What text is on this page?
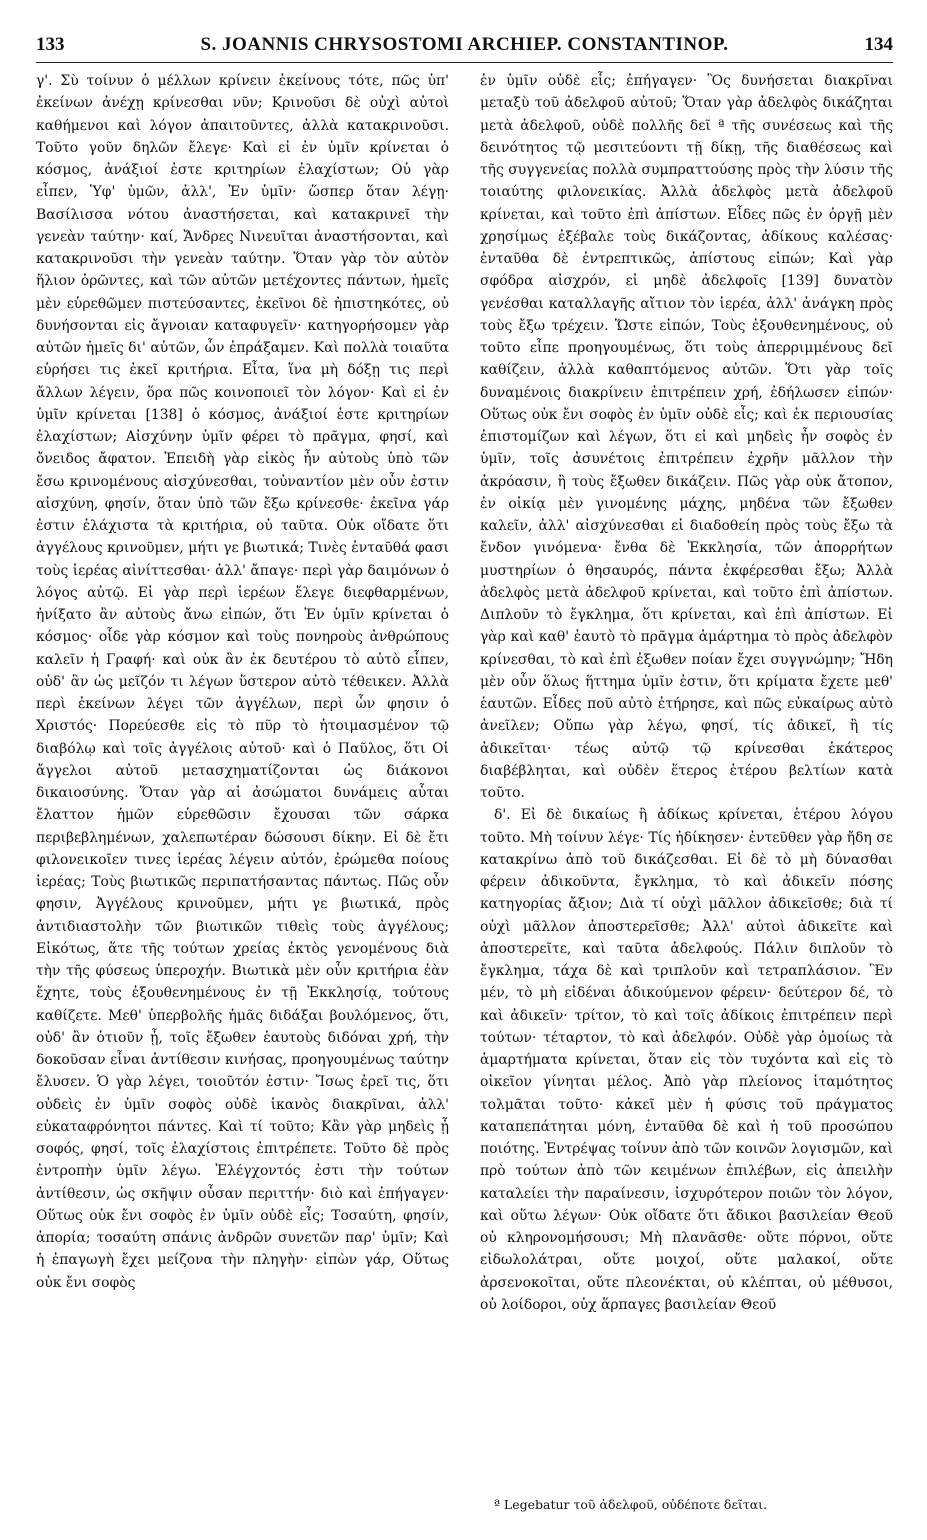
133	S. JOANNIS CHRYSOSTOMI ARCHIEP. CONSTANTINOP.	134

γ'. Σὺ τοίνυν ὁ μέλλων κρίνειν ἐκείνους τότε, πῶς ὑπ' ἐκείνων ἀνέχῃ κρίνεσθαι νῦν; Κρινοῦσι δὲ οὐχὶ αὐτοὶ καθήμενοι καὶ λόγον ἀπαιτοῦντες, ἀλλὰ κατακρινοῦσι. Τοῦτο γοῦν δηλῶν ἔλεγε· Καὶ εἰ ἐν ὑμῖν κρίνεται ὁ κόσμος, ἀνάξιοί ἐστε κριτηρίων ἐλαχίστων; Οὐ γὰρ εἶπεν, Ὑφ' ὑμῶν, ἀλλ', Ἐν ὑμῖν· ὥσπερ ὅταν λέγῃ· Βασίλισσα νότου ἀναστήσεται, καὶ κατακρινεῖ τὴν γενεὰν ταύτην· καί, Ἄνδρες Νινευῖται ἀναστήσονται, καὶ κατακρινοῦσι τὴν γενεὰν ταύτην. Ὅταν γὰρ τὸν αὐτὸν ἥλιον ὁρῶντες, καὶ τῶν αὐτῶν μετέχοντες πάντων, ἡμεῖς μὲν εὑρεθῶμεν πιστεύσαντες, ἐκεῖνοι δὲ ἠπιστηκότες, οὐ δυνήσονται εἰς ἄγνοιαν καταφυγεῖν· κατηγορήσομεν γὰρ αὐτῶν ἡμεῖς δι' αὐτῶν, ὧν ἐπράξαμεν. Καὶ πολλὰ τοιαῦτα εὑρήσει τις ἐκεῖ κριτήρια. Εἶτα, ἵνα μὴ δόξῃ τις περὶ ἄλλων λέγειν, ὅρα πῶς κοινοποιεῖ τὸν λόγον· Καὶ εἰ ἐν ὑμῖν κρίνεται [138] ὁ κόσμος, ἀνάξιοί ἐστε κριτηρίων ἐλαχίστων; Αἰσχύνην ὑμῖν φέρει τὸ πρᾶγμα, φησί, καὶ ὄνειδος ἄφατον. Ἐπειδὴ γὰρ εἰκὸς ἦν αὐτοὺς ὑπὸ τῶν ἔσω κρινομένους αἰσχύνεσθαι, τοὐναντίον μὲν οὖν ἐστιν αἰσχύνη, φησίν, ὅταν ὑπὸ τῶν ἔξω κρίνεσθε· ἐκεῖνα γάρ ἐστιν ἐλάχιστα τὰ κριτήρια, οὐ ταῦτα. Οὐκ οἴδατε ὅτι ἀγγέλους κρινοῦμεν, μήτι γε βιωτικά; Τινὲς ἐνταῦθά φασι τοὺς ἱερέας αἰνίττεσθαι· ἀλλ' ἄπαγε· περὶ γὰρ δαιμόνων ὁ λόγος αὐτῷ. Εἰ γὰρ περὶ ἱερέων ἔλεγε διεφθαρμένων, ἠνίξατο ἂν αὐτοὺς ἄνω εἰπών, ὅτι Ἐν ὑμῖν κρίνεται ὁ κόσμος· οἶδε γὰρ κόσμον καὶ τοὺς πονηροὺς ἀνθρώπους καλεῖν ἡ Γραφή· καὶ οὐκ ἂν ἐκ δευτέρου τὸ αὐτὸ εἶπεν, οὐδ' ἂν ὡς μεῖζόν τι λέγων ὕστερον αὐτὸ τέθεικεν. Ἀλλὰ περὶ ἐκείνων λέγει τῶν ἀγγέλων, περὶ ὧν φησιν ὁ Χριστός· Πορεύεσθε εἰς τὸ πῦρ τὸ ἡτοιμασμένον τῷ διαβόλῳ καὶ τοῖς ἀγγέλοις αὐτοῦ· καὶ ὁ Παῦλος, ὅτι Οἱ ἄγγελοι αὐτοῦ μετασχηματίζονται ὡς διάκονοι δικαιοσύνης. Ὅταν γὰρ αἱ ἀσώματοι δυνάμεις αὗται ἔλαττον ἡμῶν εὑρεθῶσιν ἔχουσαι τῶν σάρκα περιβεβλημένων, χαλεπωτέραν δώσουσι δίκην. Εἰ δὲ ἔτι φιλονεικοῖεν τινες ἱερέας λέγειν αὐτόν, ἐρώμεθα ποίους ἱερέας; Τοὺς βιωτικῶς περιπατήσαντας πάντως. Πῶς οὖν φησιν, Ἀγγέλους κρινοῦμεν, μήτι γε βιωτικά, πρὸς ἀντιδιαστολὴν τῶν βιωτικῶν τιθεὶς τοὺς ἀγγέλους; Εἰκότως, ἅτε τῆς τούτων χρείας ἐκτὸς γενομένους διὰ τὴν τῆς φύσεως ὑπεροχήν. Βιωτικὰ μὲν οὖν κριτήρια ἐὰν ἔχητε, τοὺς ἐξουθενημένους ἐν τῇ Ἐκκλησίᾳ, τούτους καθίζετε. Μεθ' ὑπερβολῆς ἡμᾶς διδάξαι βουλόμενος, ὅτι, οὐδ' ἂν ὁτιοῦν ᾖ, τοῖς ἔξωθεν ἑαυτοὺς διδόναι χρή, τὴν δοκοῦσαν εἶναι ἀντίθεσιν κινήσας, προηγουμένως ταύτην ἔλυσεν. Ὁ γὰρ λέγει, τοιοῦτόν ἐστιν· Ἴσως ἐρεῖ τις, ὅτι οὐδεὶς ἐν ὑμῖν σοφὸς οὐδὲ ἱκανὸς διακρῖναι, ἀλλ' εὐκαταφρόνητοι πάντες. Καὶ τί τοῦτο; Κἂν γὰρ μηδεὶς ᾖ σοφός, φησί, τοῖς ἐλαχίστοις ἐπιτρέπετε. Τοῦτο δὲ πρὸς ἐντροπὴν ὑμῖν λέγω. Ἐλέγχοντός ἐστι τὴν τούτων ἀντίθεσιν, ὡς σκῆψιν οὖσαν περιττήν· διὸ καὶ ἐπήγαγεν· Οὕτως οὐκ ἔνι σοφὸς ἐν ὑμῖν οὐδὲ εἷς; Τοσαύτη, φησίν, ἀπορία; τοσαύτη σπάνις ἀνδρῶν συνετῶν παρ' ὑμῖν; Καὶ ἡ ἐπαγωγὴ ἔχει μείζονα τὴν πληγὴν· εἰπὼν γάρ, Οὕτως οὐκ ἔνι σοφὸς

ἐν ὑμῖν οὐδὲ εἷς; ἐπήγαγεν· Ὃς δυνήσεται διακρῖναι μεταξὺ τοῦ ἀδελφοῦ αὐτοῦ; Ὅταν γὰρ ἀδελφὸς δικάζηται μετὰ ἀδελφοῦ, οὐδὲ πολλῆς δεῖ ª τῆς συνέσεως καὶ τῆς δεινότητος τῷ μεσιτεύοντι τῇ δίκῃ, τῆς διαθέσεως καὶ τῆς συγγενείας πολλὰ συμπραττούσης πρὸς τὴν λύσιν τῆς τοιαύτης φιλονεικίας. Ἀλλὰ ἀδελφὸς μετὰ ἀδελφοῦ κρίνεται, καὶ τοῦτο ἐπὶ ἀπίστων. Εἶδες πῶς ἐν ὀργῇ μὲν χρησίμως ἐξέβαλε τοὺς δικάζοντας, ἀδίκους καλέσας· ἐνταῦθα δὲ ἐντρεπτικῶς, ἀπίστους εἰπών; Καὶ γὰρ σφόδρα αἰσχρόν, εἰ μηδὲ ἀδελφοῖς [139] δυνατὸν γενέσθαι καταλλαγῆς αἴτιον τὸν ἱερέα, ἀλλ' ἀνάγκη πρὸς τοὺς ἔξω τρέχειν. Ὥστε εἰπών, Τοὺς ἐξουθενημένους, οὐ τοῦτο εἶπε προηγουμένως, ὅτι τοὺς ἀπερριμμένους δεῖ καθίζειν, ἀλλὰ καθαπτόμενος αὐτῶν. Ὅτι γὰρ τοῖς δυναμένοις διακρίνειν ἐπιτρέπειν χρή, ἐδήλωσεν εἰπών· Οὕτως οὐκ ἔνι σοφὸς ἐν ὑμῖν οὐδὲ εἷς; καὶ ἐκ περιουσίας ἐπιστομίζων καὶ λέγων, ὅτι εἰ καὶ μηδεὶς ἦν σοφὸς ἐν ὑμῖν, τοῖς ἀσυνέτοις ἐπιτρέπειν ἐχρῆν μᾶλλον τὴν ἀκρόασιν, ἢ τοὺς ἔξωθεν δικάζειν. Πῶς γὰρ οὐκ ἄτοπον, ἐν οἰκίᾳ μὲν γινομένης μάχης, μηδένα τῶν ἔξωθεν καλεῖν, ἀλλ' αἰσχύνεσθαι εἰ διαδοθείη πρὸς τοὺς ἔξω τὰ ἔνδον γινόμενα· ἔνθα δὲ Ἐκκλησία, τῶν ἀπορρήτων μυστηρίων ὁ θησαυρός, πάντα ἐκφέρεσθαι ἔξω; Ἀλλὰ ἀδελφὸς μετὰ ἀδελφοῦ κρίνεται, καὶ τοῦτο ἐπὶ ἀπίστων. Διπλοῦν τὸ ἔγκλημα, ὅτι κρίνεται, καὶ ἐπὶ ἀπίστων. Εἰ γὰρ καὶ καθ' ἑαυτὸ τὸ πρᾶγμα ἁμάρτημα τὸ πρὸς ἀδελφὸν κρίνεσθαι, τὸ καὶ ἐπὶ ἐξωθεν ποίαν ἔχει συγγνώμην; Ἤδη μὲν οὖν ὅλως ἥττημα ὑμῖν ἐστιν, ὅτι κρίματα ἔχετε μεθ' ἑαυτῶν. Εἶδες ποῦ αὐτὸ ἐτήρησε, καὶ πῶς εὐκαίρως αὐτὸ ἀνεῖλεν; Οὔπω γὰρ λέγω, φησί, τίς ἀδικεῖ, ἢ τίς ἀδικεῖται· τέως αὐτῷ τῷ κρίνεσθαι ἑκάτερος διαβέβληται, καὶ οὐδὲν ἕτερος ἑτέρου βελτίων κατὰ τοῦτο.

δ'. Εἰ δὲ δικαίως ἢ ἀδίκως κρίνεται, ἑτέρου λόγου τοῦτο. Μὴ τοίνυν λέγε· Τίς ἠδίκησεν· ἐντεῦθεν γὰρ ἤδη σε κατακρίνω ἀπὸ τοῦ δικάζεσθαι. Εἰ δὲ τὸ μὴ δύνασθαι φέρειν ἀδικοῦντα, ἔγκλημα, τὸ καὶ ἀδικεῖν πόσης κατηγορίας ἄξιον; Διὰ τί οὐχὶ μᾶλλον ἀδικεῖσθε; διὰ τί οὐχὶ μᾶλλον ἀποστερεῖσθε; Ἀλλ' αὐτοὶ ἀδικεῖτε καὶ ἀποστερεῖτε, καὶ ταῦτα ἀδελφούς. Πάλιν διπλοῦν τὸ ἔγκλημα, τάχα δὲ καὶ τριπλοῦν καὶ τετραπλάσιον. Ἓν μέν, τὸ μὴ εἰδέναι ἀδικούμενον φέρειν· δεύτερον δέ, τὸ καὶ ἀδικεῖν· τρίτον, τὸ καὶ τοῖς ἀδίκοις ἐπιτρέπειν περὶ τούτων· τέταρτον, τὸ καὶ ἀδελφόν. Οὐδὲ γὰρ ὁμοίως τὰ ἁμαρτήματα κρίνεται, ὅταν εἰς τὸν τυχόντα καὶ εἰς τὸ οἰκεῖον γίνηται μέλος. Ἀπὸ γὰρ πλείονος ἱταμότητος τολμᾶται τοῦτο· κἀκεῖ μὲν ἡ φύσις τοῦ πράγματος καταπεπάτηται μόνη, ἐνταῦθα δὲ καὶ ἡ τοῦ προσώπου ποιότης. Ἐντρέψας τοίνυν ἀπὸ τῶν κοινῶν λογισμῶν, καὶ πρὸ τούτων ἀπὸ τῶν κειμένων ἐπιλέβων, εἰς ἀπειλὴν καταλείει τὴν παραίνεσιν, ἰσχυρότερον ποιῶν τὸν λόγον, καὶ οὕτω λέγων· Οὐκ οἴδατε ὅτι ἄδικοι βασιλείαν Θεοῦ οὐ κληρονομήσουσι; Μὴ πλανᾶσθε· οὔτε πόρνοι, οὔτε εἰδωλολάτραι, οὔτε μοιχοί, οὔτε μαλακοί, οὔτε ἀρσενοκοῖται, οὔτε πλεονέκται, οὐ κλέπται, οὐ μέθυσοι, οὐ λοίδοροι, οὐχ ἅρπαγες βασιλείαν Θεοῦ

ª Legebatur τοῦ ἀδελφοῦ, οὐδέποτε δεῖται.
